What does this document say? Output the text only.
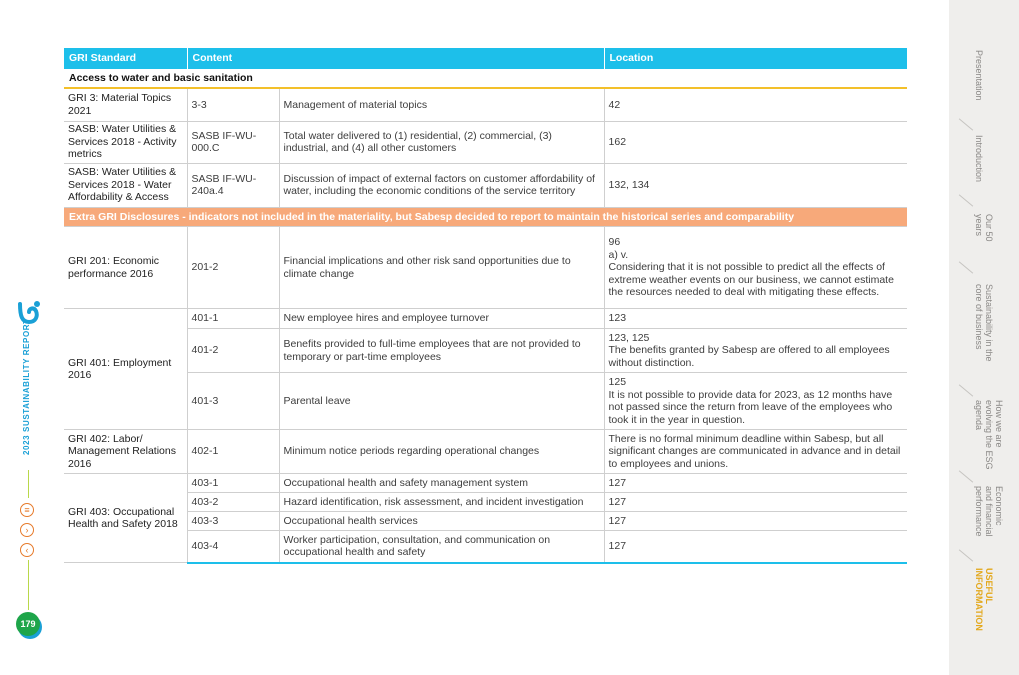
2023 SUSTAINABILITY REPORT
≡
›
‹
179
GRI Standard	Content		Location
Access to water and basic sanitation			
GRI 3: Material Topics 2021	3-3	Management of material topics	42
SASB: Water Utilities & Services 2018 - Activity metrics	SASB IF-WU-000.C	Total water delivered to (1) residential, (2) commercial, (3) industrial, and (4) all other customers	162
SASB: Water Utilities & Services 2018 - Water Affordability & Access	SASB IF-WU-240a.4	Discussion of impact of external factors on customer affordability of water, including the economic conditions of the service territory	132, 134
Extra GRI Disclosures - indicators not included in the materiality, but Sabesp decided to report to maintain the historical series and comparability			
GRI 201: Economic performance 2016	201-2	Financial implications and other risk sand opportunities due to climate change	96
a) v.
Considering that it is not possible to predict all the effects of extreme weather events on our business, we cannot estimate the resources needed to deal with mitigating these effects.

GRI 401: Employment 2016	401-1	New employee hires and employee turnover	123
	401-2	Benefits provided to full-time employees that are not provided to temporary or part-time employees	123, 125
The benefits granted by Sabesp are offered to all employees without distinction.

	401-3	Parental leave	125
It is not possible to provide data for 2023, as 12 months have not passed since the return from leave of the employees who took it in the year in question.

GRI 402: Labor/ Management Relations 2016	402-1	Minimum notice periods regarding operational changes	There is no formal minimum deadline within Sabesp, but all significant changes are communicated in advance and in detail to employees and unions.
GRI 403: Occupational Health and Safety 2018	403-1	Occupational health and safety management system	127
	403-2	Hazard identification, risk assessment, and incident investigation	127
	403-3	Occupational health services	127
	403-4	Worker participation, consultation, and communication on occupational health and safety	127
Presentation
Introduction
Our 50
years
Sustainability in the
core of business
How we are
evolving the ESG
agenda
Economic
and financial
performance
USEFUL
INFORMATION
